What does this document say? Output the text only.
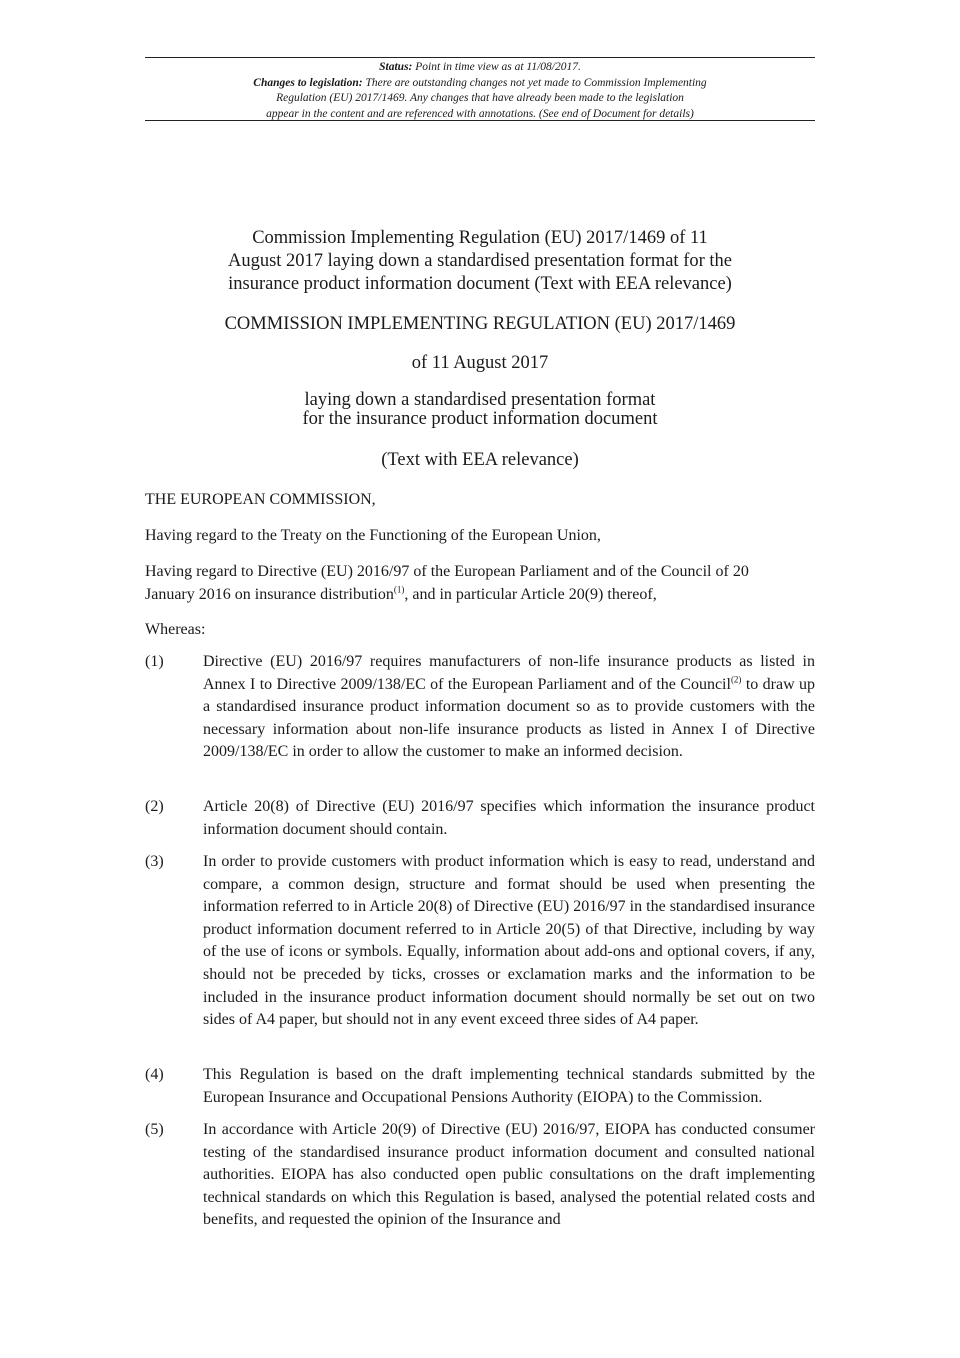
Status: Point in time view as at 11/08/2017.
Changes to legislation: There are outstanding changes not yet made to Commission Implementing
Regulation (EU) 2017/1469. Any changes that have already been made to the legislation
appear in the content and are referenced with annotations. (See end of Document for details)
Commission Implementing Regulation (EU) 2017/1469 of 11
August 2017 laying down a standardised presentation format for the
insurance product information document (Text with EEA relevance)
COMMISSION IMPLEMENTING REGULATION (EU) 2017/1469
of 11 August 2017
laying down a standardised presentation format
for the insurance product information document
(Text with EEA relevance)
THE EUROPEAN COMMISSION,
Having regard to the Treaty on the Functioning of the European Union,
Having regard to Directive (EU) 2016/97 of the European Parliament and of the Council of 20
January 2016 on insurance distribution$^{(1)}$, and in particular Article 20(9) thereof,
Whereas:
(1)	Directive (EU) 2016/97 requires manufacturers of non-life insurance products as listed in Annex I to Directive 2009/138/EC of the European Parliament and of the Council$^{(2)}$ to draw up a standardised insurance product information document so as to provide customers with the necessary information about non-life insurance products as listed in Annex I of Directive 2009/138/EC in order to allow the customer to make an informed decision.
(2)	Article 20(8) of Directive (EU) 2016/97 specifies which information the insurance product information document should contain.
(3)	In order to provide customers with product information which is easy to read, understand and compare, a common design, structure and format should be used when presenting the information referred to in Article 20(8) of Directive (EU) 2016/97 in the standardised insurance product information document referred to in Article 20(5) of that Directive, including by way of the use of icons or symbols. Equally, information about add-ons and optional covers, if any, should not be preceded by ticks, crosses or exclamation marks and the information to be included in the insurance product information document should normally be set out on two sides of A4 paper, but should not in any event exceed three sides of A4 paper.
(4)	This Regulation is based on the draft implementing technical standards submitted by the European Insurance and Occupational Pensions Authority (EIOPA) to the Commission.
(5)	In accordance with Article 20(9) of Directive (EU) 2016/97, EIOPA has conducted consumer testing of the standardised insurance product information document and consulted national authorities. EIOPA has also conducted open public consultations on the draft implementing technical standards on which this Regulation is based, analysed the potential related costs and benefits, and requested the opinion of the Insurance and
